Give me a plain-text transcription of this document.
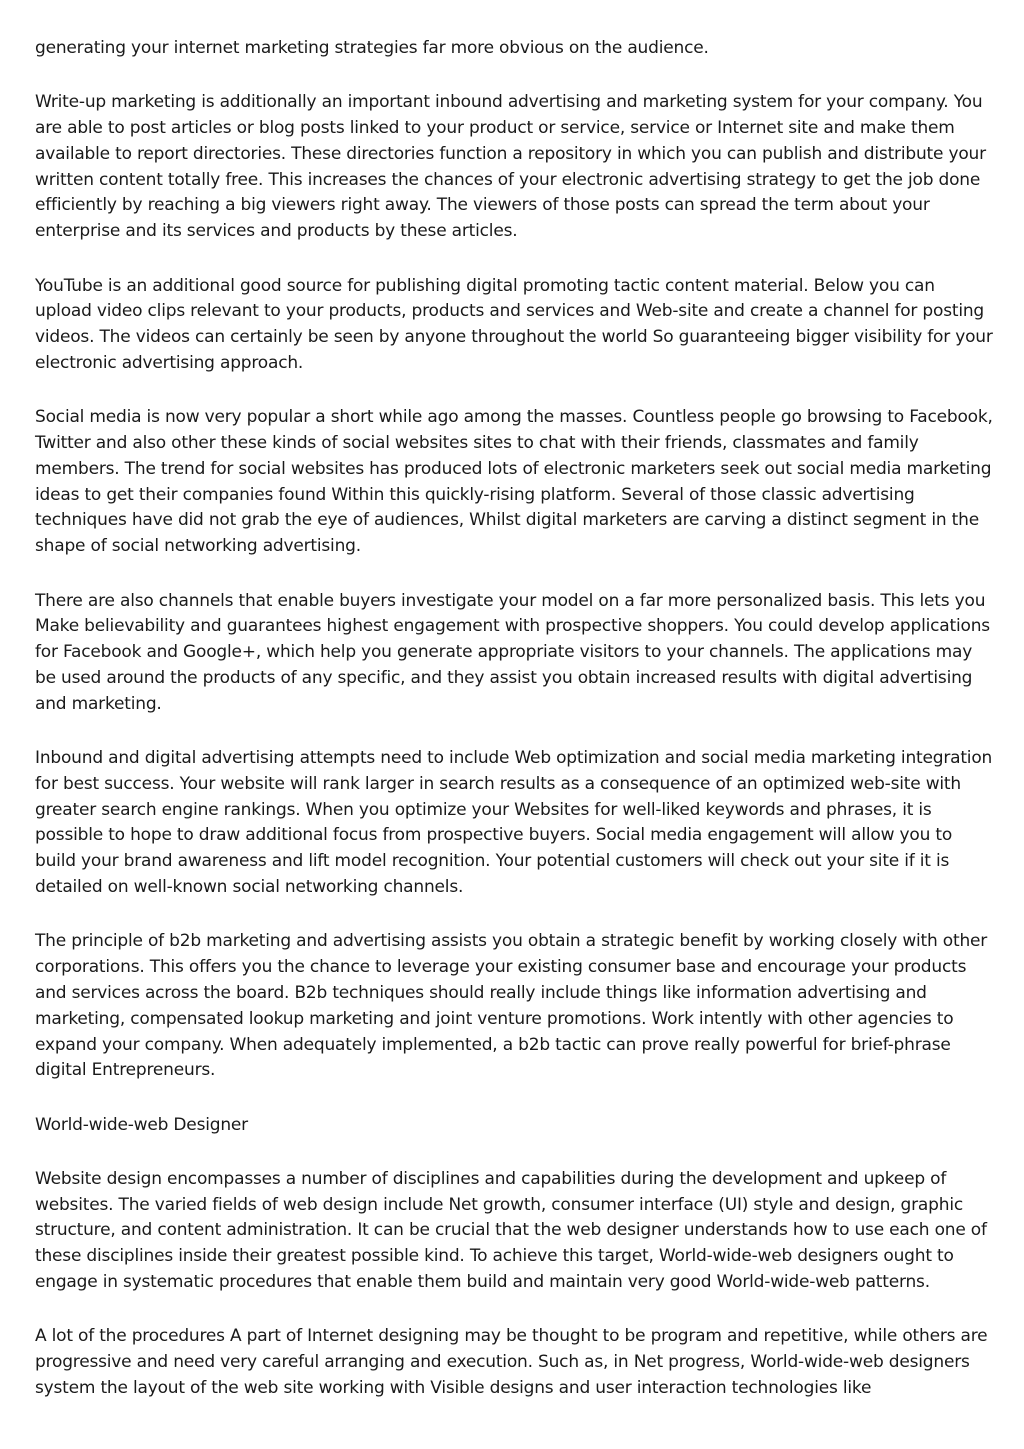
generating your internet marketing strategies far more obvious on the audience.

Write-up marketing is additionally an important inbound advertising and marketing system for your company. You are able to post articles or blog posts linked to your product or service, service or Internet site and make them available to report directories. These directories function a repository in which you can publish and distribute your written content totally free. This increases the chances of your electronic advertising strategy to get the job done efficiently by reaching a big viewers right away. The viewers of those posts can spread the term about your enterprise and its services and products by these articles.

YouTube is an additional good source for publishing digital promoting tactic content material. Below you can upload video clips relevant to your products, products and services and Web-site and create a channel for posting videos. The videos can certainly be seen by anyone throughout the world So guaranteeing bigger visibility for your electronic advertising approach.

Social media is now very popular a short while ago among the masses. Countless people go browsing to Facebook, Twitter and also other these kinds of social websites sites to chat with their friends, classmates and family members. The trend for social websites has produced lots of electronic marketers seek out social media marketing ideas to get their companies found Within this quickly-rising platform. Several of those classic advertising techniques have did not grab the eye of audiences, Whilst digital marketers are carving a distinct segment in the shape of social networking advertising.

There are also channels that enable buyers investigate your model on a far more personalized basis. This lets you Make believability and guarantees highest engagement with prospective shoppers. You could develop applications for Facebook and Google+, which help you generate appropriate visitors to your channels. The applications may be used around the products of any specific, and they assist you obtain increased results with digital advertising and marketing.

Inbound and digital advertising attempts need to include Web optimization and social media marketing integration for best success. Your website will rank larger in search results as a consequence of an optimized web-site with greater search engine rankings. When you optimize your Websites for well-liked keywords and phrases, it is possible to hope to draw additional focus from prospective buyers. Social media engagement will allow you to build your brand awareness and lift model recognition. Your potential customers will check out your site if it is detailed on well-known social networking channels.

The principle of b2b marketing and advertising assists you obtain a strategic benefit by working closely with other corporations. This offers you the chance to leverage your existing consumer base and encourage your products and services across the board. B2b techniques should really include things like information advertising and marketing, compensated lookup marketing and joint venture promotions. Work intently with other agencies to expand your company. When adequately implemented, a b2b tactic can prove really powerful for brief-phrase digital Entrepreneurs.

World-wide-web Designer

Website design encompasses a number of disciplines and capabilities during the development and upkeep of websites. The varied fields of web design include Net growth, consumer interface (UI) style and design, graphic structure, and content administration. It can be crucial that the web designer understands how to use each one of these disciplines inside their greatest possible kind. To achieve this target, World-wide-web designers ought to engage in systematic procedures that enable them build and maintain very good World-wide-web patterns.

A lot of the procedures A part of Internet designing may be thought to be program and repetitive, while others are progressive and need very careful arranging and execution. Such as, in Net progress, World-wide-web designers system the layout of the web site working with Visible designs and user interaction technologies like
